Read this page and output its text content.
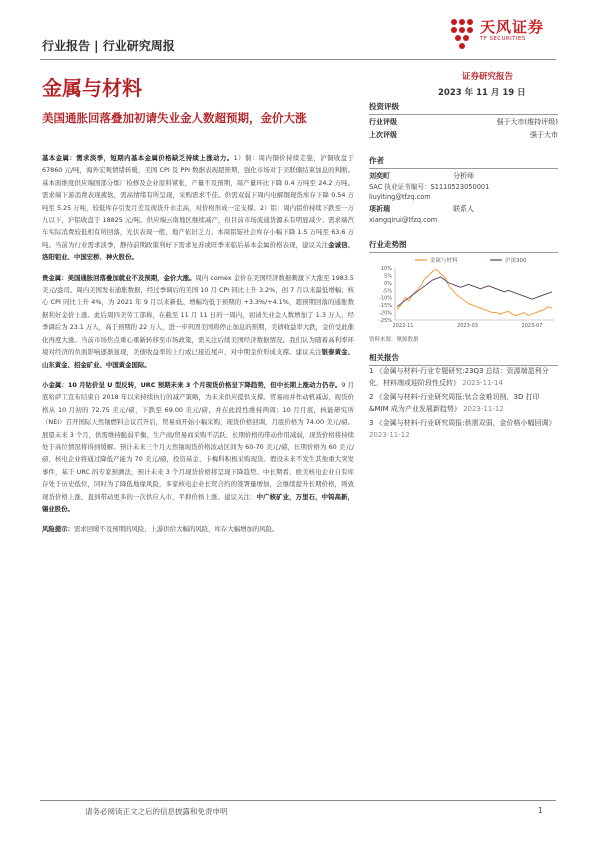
行业报告 | 行业研究周报
天风证券
TF SECURITIES
金属与材料	证券研究报告
2023 年 11 月 19 日
美国通胀回落叠加初请失业金人数超预期，金价大涨

基本金属：需求淡季，短期内基本金属价格缺乏持续上涨动力。1）铜：周内铜价持续走强，沪铜收盘于 67860 元/吨，海外宏观情绪转暖，美国 CPI 及 PPI 数据表现超预期，强化市场对于美联储结束加息的判断。基本面维度供应端国部分炼厂检修及企业原料紧张，产量不及预期，周产量环比下降 0.4 万吨至 24.2 万吨。需求端下游消费表现疲软，需高情绪有所呈现，采购需求不佳。供需双弱下周内电解铜现货库存下降 0.54 万吨至 5.25 万吨，较低库存引发月差及现货升水走高，对价格形成一定支撑。2）铝：周内铝价持续下跌至一万九以下，沪铝收盘于 18825 元/吨。供应端云南地区继续减产，但目前市场流通货源未有明显减少；需求端汽车实际消费较低相有所回落，光伏表现一般，地产依旧乏力。本周铝锭社会库存小幅下降 1.5 万吨至 63.6 万吨。当前为行业需求淡季，静待前期政策利好下需求复苏或旺季来临后基本金属价格表现，建议关注金诚信、洛阳钼业、中国宏桥、神火股份。

贵金属：美国通胀回落叠加就业不及预期，金价大涨。周内 comex 金价在美国经济数据刺激下大涨至 1983.5 美元/盎司。周内美国发布通胀数据，经过季调后的美国 10 月 CPI 同比上升 3.2%，创 7 月以来最低增幅；核心 CPI 同比上升 4%，为 2021 年 9 月以来新低、增幅均低于预期的 +3.3%/+4.1%，超预期回落的通胀数据利好金价上涨。此后周四美劳工部称，在截至 11 月 11 日的一周内，初请失业金人数增加了 1.3 万人，经季调后为 23.1 万人，高于预期的 22 万人，进一步巩固美国将停止加息的预期，美债收益率大跌，金价受此催化再度大涨。当前市场焦点重心重新转移至市场政策，需关注后续美国经济数据情况。我们认为随着高利率环境对经济的负面影响逐渐显现，美债收益率的上行或已接近尾声，对中期金价形成支撑。建议关注银泰黄金、山东黄金、招金矿业、中国黄金国际。

小金属：10 月钴价呈 U 型反转，URC 预期未来 3 个月现货价格呈下降趋势，但中长期上涨动力仍存。9 月底哈萨工宣布结束自 2018 年以来持续执行的减产策略，为未来供应提供支撑。贸易商并作动机减弱，现货价格从 10 月初的 72.75 美元/磅，下跌至 69.00 美元/磅，并在此段性维持两周；10 月月底，核能研究所（NEI）召开国际天然铀燃料会议召开后，贸易商开始小幅采购，现货价格回调，月底价格为 74.00 美元/磅。展望未来 3 个月，供需维持脆弱平衡、生产商/贸易商采购不活跃、长期价格的带动作用减弱，现货价格将持续处于高位情况将得到缓解。预计未来三个月天然铀现货价格波动区间为 60-70 美元/磅，长期价格为 60 美元/磅，核电企业将通过降低产能为 70 美元/磅，投资基金、卡梅科积极采购现货。假设未来不发生其他重大突发事件，基于 URC 的专家预测法，预计未来 3 个月现货价格将呈现下降趋势。中长期看，欧美核电企业自有库存处于历史低位，同时为了降低地缘风险，多家核电企业长贸合约的签署量增加，会继续提升长期价格，则致现货价格上涨，直到带动更多的一次供应入市，平抑价格上涨。建议关注：中广核矿业，万里石，中钨高新，锡业股份。

风险提示：需求回暖不及预期的风险，上游供给大幅的风险，库存大幅增加的风险。

投资评级
行业评级	强于大市(维持评级)
上次评级	强于大市
作者
刘奕町	分析师
SAC 执业证书编号：S1110523050001
liuyiting@tfzq.com
项祈瑞	联系人
xiangqirui@tfzq.com
行业走势图
10%
5%
0%
-5%
-10%
-15%
-20%
-25%
2022-11	2023-03	2023-07
金属与材料	沪深300
资料来源：聚源数据
相关报告
1 《金属与材料-行业专题研究:23Q3 总结：资源端盈利分化，材料端或迎阶段性反转》 2023-11-14
2 《金属与材料-行业研究周报:钛合金难切削，3D 打印&MIM 成为产业发展新趋势》 2023-11-12
3 《金属与材料-行业研究周报:供需双弱，金价格小幅回调》 2023-11-12
请务必阅读正文之后的信息披露和免责申明	1
